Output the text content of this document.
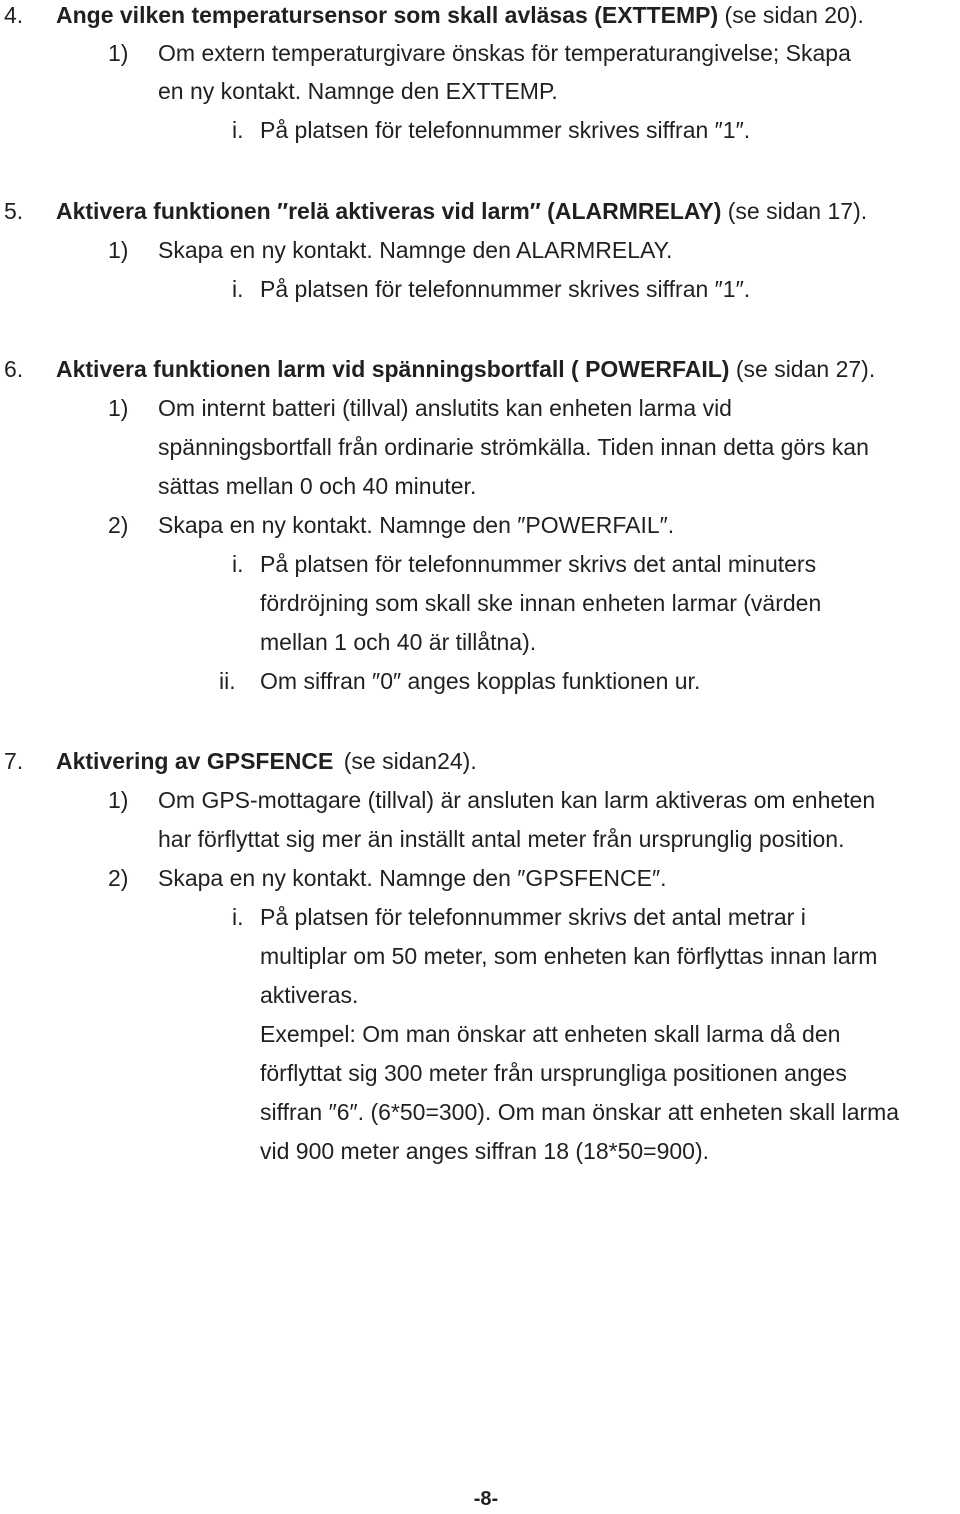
4. Ange vilken temperatursensor som skall avläsas (EXTTEMP) (se sidan 20).
1) Om extern temperaturgivare önskas för temperaturangivelse; Skapa
en ny kontakt. Namnge den EXTTEMP.
i. På platsen för telefonnummer skrives siffran ″1″.
5. Aktivera funktionen ″relä aktiveras vid larm″ (ALARMRELAY) (se sidan 17).
1) Skapa en ny kontakt. Namnge den ALARMRELAY.
i. På platsen för telefonnummer skrives siffran ″1″.
6. Aktivera funktionen larm vid spänningsbortfall ( POWERFAIL) (se sidan 27).
1) Om internt batteri (tillval) anslutits kan enheten larma vid
spänningsbortfall från ordinarie strömkälla. Tiden innan detta görs kan
sättas mellan 0 och 40 minuter.
2) Skapa en ny kontakt. Namnge den ″POWERFAIL″.
i. På platsen för telefonnummer skrivs det antal minuters
fördröjning som skall ske innan enheten larmar (värden
mellan 1 och 40 är tillåtna).
ii. Om siffran ″0″ anges kopplas funktionen ur.
7. Aktivering av GPSFENCE (se sidan24).
1) Om GPS-mottagare (tillval) är ansluten kan larm aktiveras om enheten
har förflyttat sig mer än inställt antal meter från ursprunglig position.
2) Skapa en ny kontakt. Namnge den ″GPSFENCE″.
i. På platsen för telefonnummer skrivs det antal metrar i
multiplar om 50 meter, som enheten kan förflyttas innan larm
aktiveras.
Exempel: Om man önskar att enheten skall larma då den
förflyttat sig 300 meter från ursprungliga positionen anges
siffran ″6″. (6*50=300). Om man önskar att enheten skall larma
vid 900 meter anges siffran 18 (18*50=900).
-8-
